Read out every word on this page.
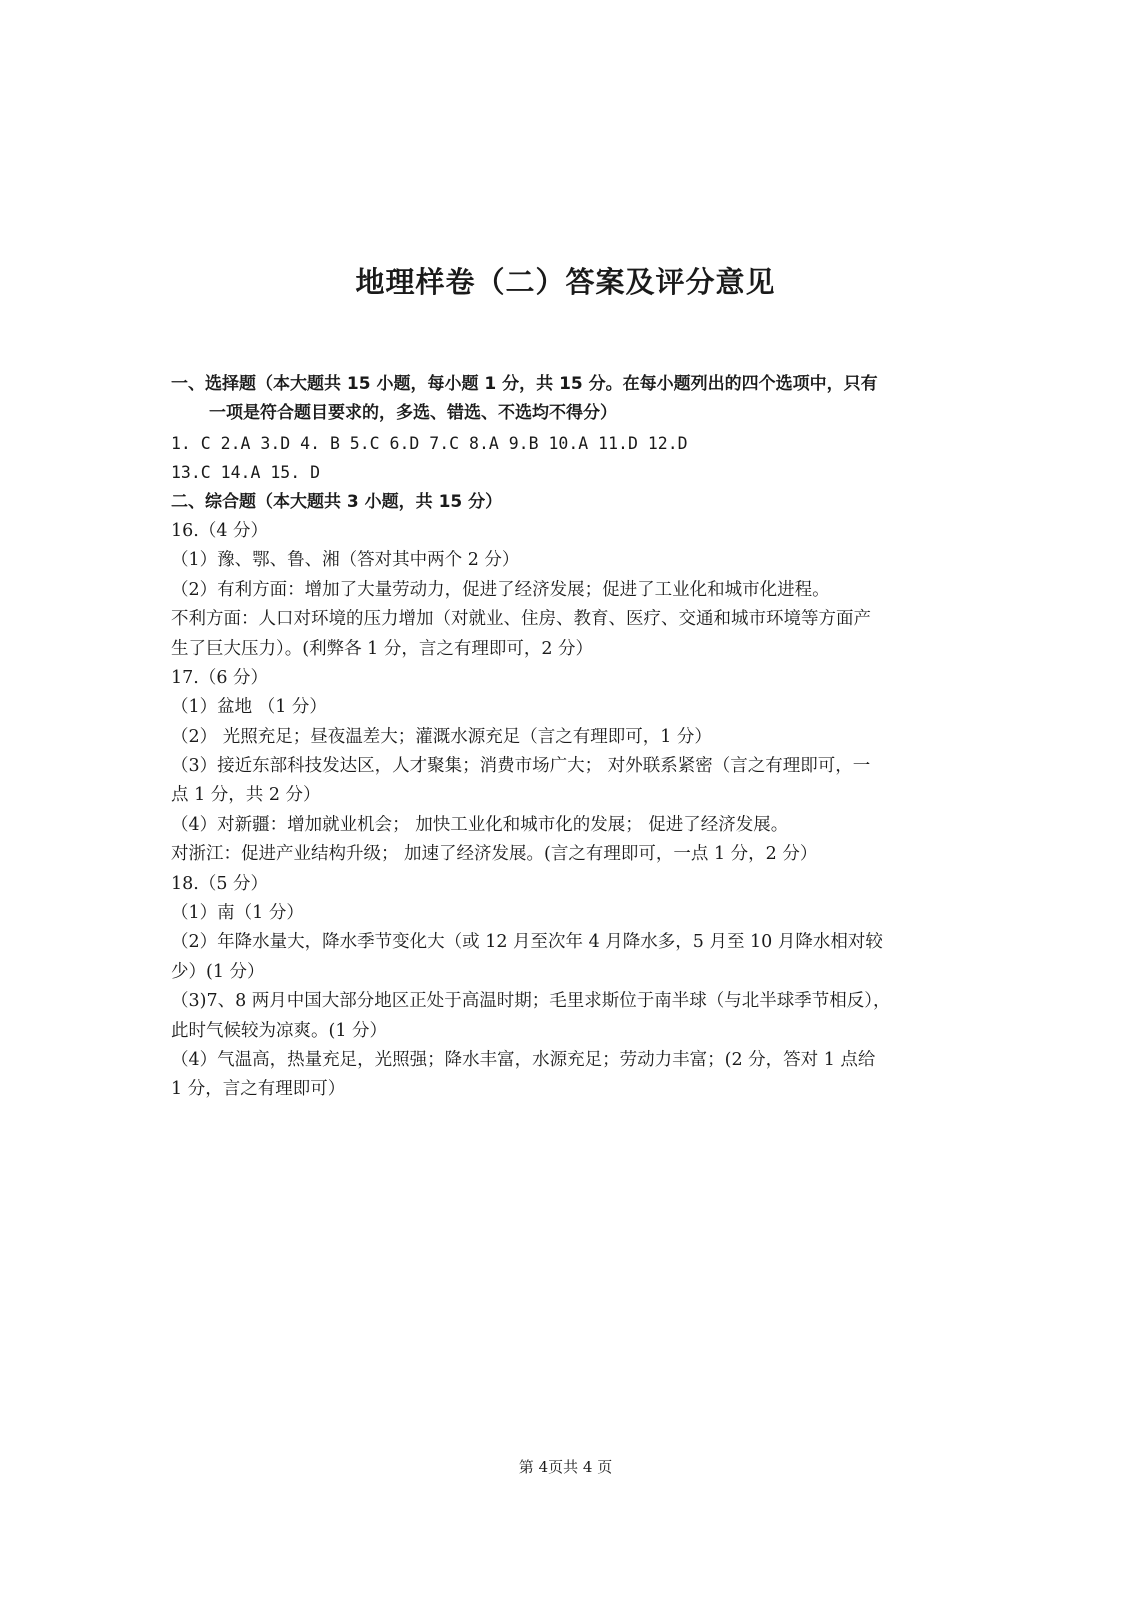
地理样卷（二）答案及评分意见
一、选择题（本大题共 15 小题，每小题 1 分，共 15 分。在每小题列出的四个选项中，只有
一项是符合题目要求的，多选、错选、不选均不得分）
1. C 2.A 3.D 4. B 5.C 6.D 7.C 8.A 9.B 10.A 11.D 12.D
13.C 14.A 15. D
二、综合题（本大题共 3 小题，共 15 分）
16.（4 分）
（1）豫、鄂、鲁、湘（答对其中两个 2 分）
（2）有利方面：增加了大量劳动力，促进了经济发展；促进了工业化和城市化进程。
不利方面：人口对环境的压力增加（对就业、住房、教育、医疗、交通和城市环境等方面产
生了巨大压力）。(利弊各 1 分，言之有理即可，2 分）
17.（6 分）
（1）盆地 （1 分）
（2） 光照充足；昼夜温差大；灌溉水源充足（言之有理即可，1 分）
（3）接近东部科技发达区，人才聚集；消费市场广大； 对外联系紧密（言之有理即可，一
点 1 分，共 2 分）
（4）对新疆：增加就业机会； 加快工业化和城市化的发展； 促进了经济发展。
对浙江：促进产业结构升级； 加速了经济发展。(言之有理即可，一点 1 分，2 分）
18.（5 分）
（1）南（1 分）
（2）年降水量大，降水季节变化大（或 12 月至次年 4 月降水多，5 月至 10 月降水相对较
少）(1 分）
（3)7、8 两月中国大部分地区正处于高温时期；毛里求斯位于南半球（与北半球季节相反），
此时气候较为凉爽。(1 分）
（4）气温高，热量充足，光照强；降水丰富，水源充足；劳动力丰富；(2 分，答对 1 点给
1 分，言之有理即可）
第 4页共 4 页
